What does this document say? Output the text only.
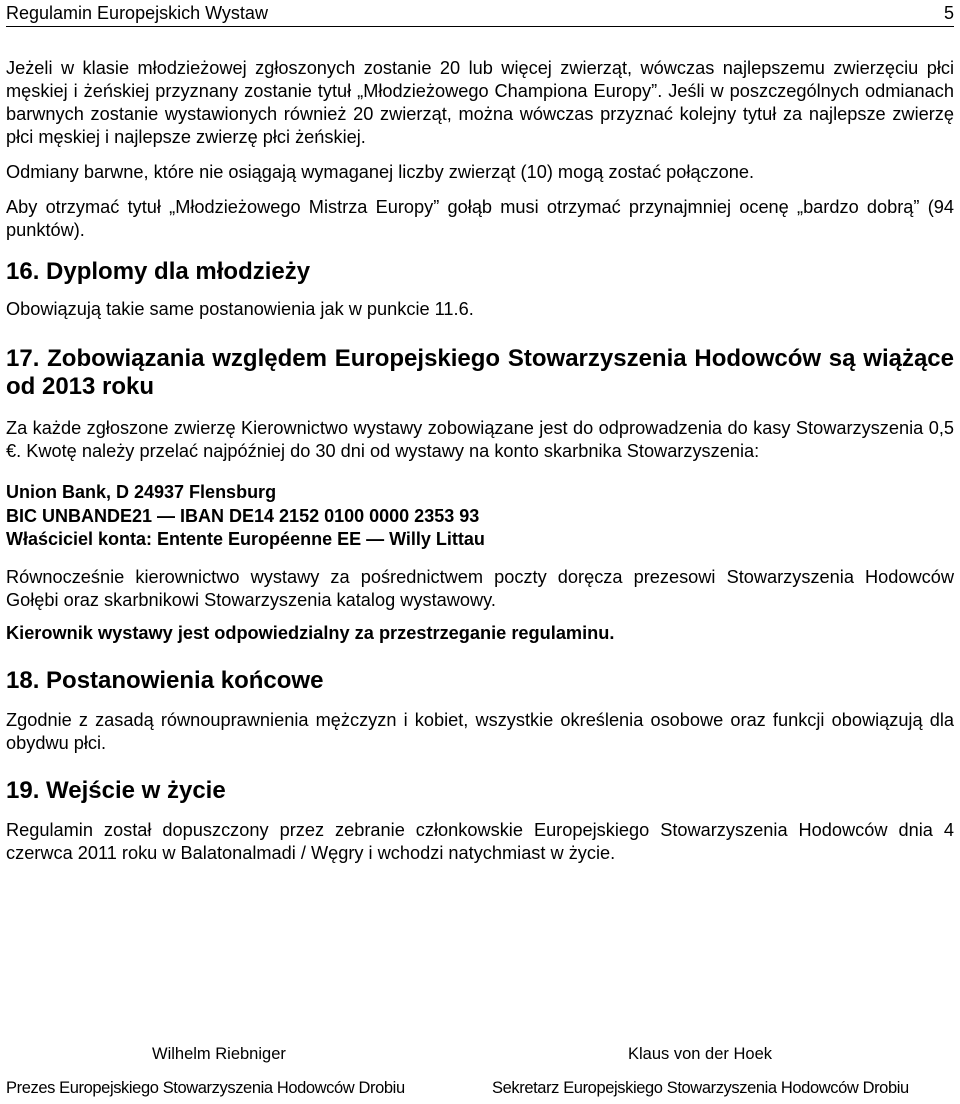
Regulamin Europejskich Wystaw	5

Jeżeli w klasie młodzieżowej zgłoszonych zostanie 20 lub więcej zwierząt, wówczas najlepszemu zwierzęciu płci męskiej i żeńskiej przyznany zostanie tytuł „Młodzieżowego Championa Europy”. Jeśli w poszczególnych odmianach barwnych zostanie wystawionych również 20 zwierząt, można wówczas przyznać kolejny tytuł za najlepsze zwierzę płci męskiej i najlepsze zwierzę płci żeńskiej.

Odmiany barwne, które nie osiągają wymaganej liczby zwierząt (10) mogą zostać połączone.

Aby otrzymać tytuł „Młodzieżowego Mistrza Europy” gołąb musi otrzymać przynajmniej ocenę „bardzo dobrą” (94 punktów).

16. Dyplomy dla młodzieży

Obowiązują takie same postanowienia jak w punkcie 11.6.

17. Zobowiązania względem Europejskiego Stowarzyszenia Hodowców są wiążące od 2013 roku

Za każde zgłoszone zwierzę Kierownictwo wystawy zobowiązane jest do odprowadzenia do kasy Stowarzyszenia 0,5 €. Kwotę należy przelać najpóźniej do 30 dni od wystawy na konto skarbnika Stowarzyszenia:

Union Bank, D 24937 Flensburg

BIC UNBANDE21 — IBAN DE14 2152 0100 0000 2353 93

Właściciel konta: Entente Européenne EE — Willy Littau

Równocześnie kierownictwo wystawy za pośrednictwem poczty doręcza prezesowi Stowarzyszenia Hodowców Gołębi oraz skarbnikowi Stowarzyszenia katalog wystawowy.

Kierownik wystawy jest odpowiedzialny za przestrzeganie regulaminu.

18. Postanowienia końcowe

Zgodnie z zasadą równouprawnienia mężczyzn i kobiet, wszystkie określenia osobowe oraz funkcji obowiązują dla obydwu płci.

19. Wejście w życie

Regulamin został dopuszczony przez zebranie członkowskie Europejskiego Stowarzyszenia Hodowców dnia 4 czerwca 2011 roku w Balatonalmadi / Węgry i wchodzi natychmiast w życie.

Wilhelm Riebniger	Klaus von der Hoek
Prezes Europejskiego Stowarzyszenia Hodowców Drobiu	Sekretarz Europejskiego Stowarzyszenia Hodowców Drobiu
